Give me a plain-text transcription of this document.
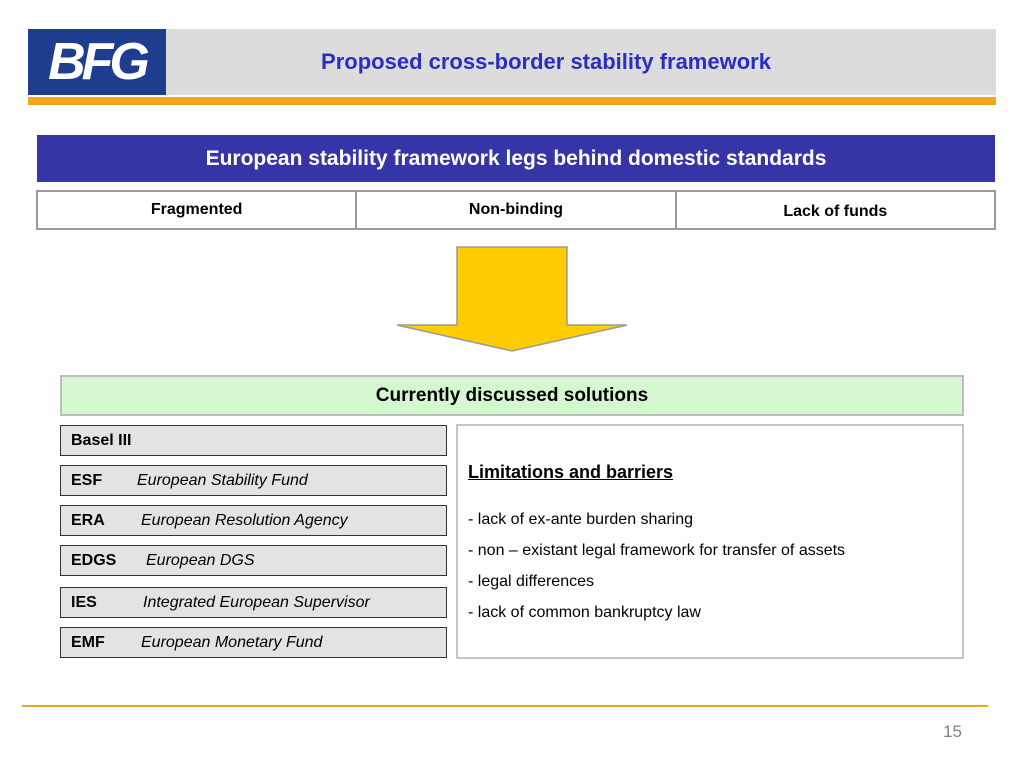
BFG	Proposed cross-border stability framework
European stability framework legs behind domestic standards
Fragmented	Non-binding	Lack of funds
Currently discussed solutions
Basel III
ESF	European Stability Fund
ERA	European Resolution Agency
EDGS	European DGS
IES	Integrated European Supervisor
EMF	European Monetary Fund
Limitations and barriers
- lack of ex-ante burden sharing
- non – existant legal framework for transfer of assets
- legal differences
- lack of common bankruptcy law
15
